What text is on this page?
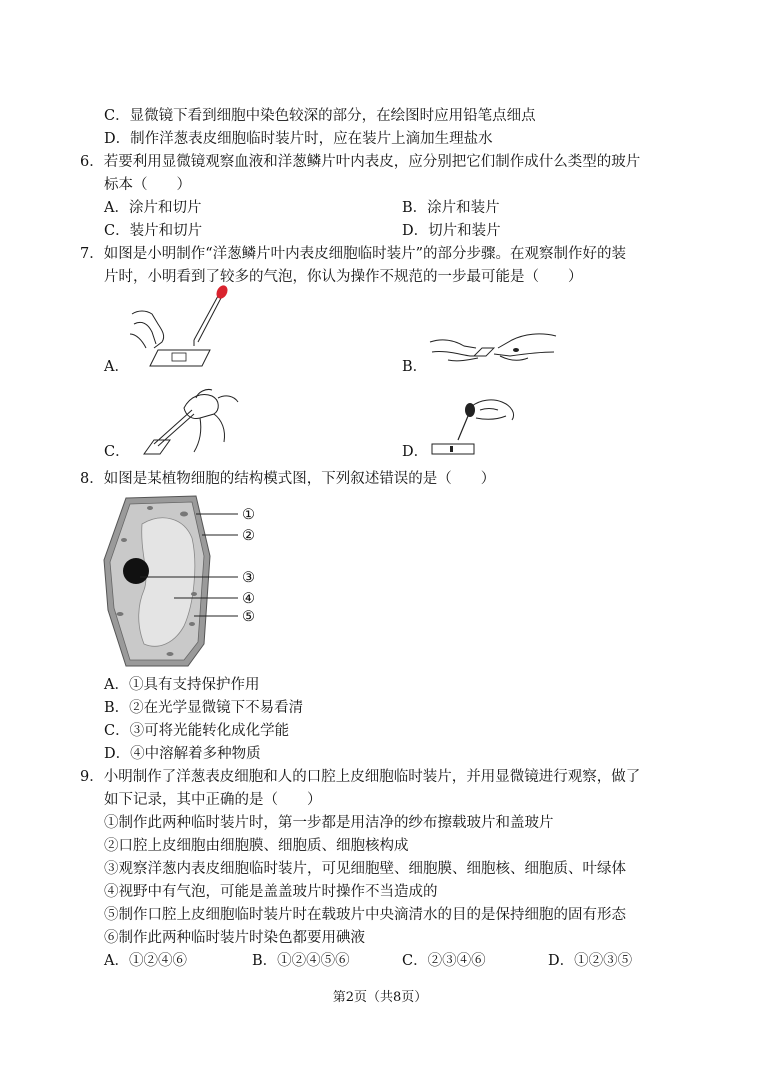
C．显微镜下看到细胞中染色较深的部分，在绘图时应用铅笔点细点
D．制作洋葱表皮细胞临时装片时，应在装片上滴加生理盐水
6．若要利用显微镜观察血液和洋葱鳞片叶内表皮，应分别把它们制作成什么类型的玻片
标本（　　）
A．涂片和切片	B．涂片和装片
C．装片和切片	D．切片和装片
7．如图是小明制作“洋葱鳞片叶内表皮细胞临时装片”的部分步骤。在观察制作好的装
片时，小明看到了较多的气泡，你认为操作不规范的一步最可能是（　　）
A．	B．
C．	D．
8．如图是某植物细胞的结构模式图，下列叙述错误的是（　　）
①
②
③
④
⑤
A．①具有支持保护作用
B．②在光学显微镜下不易看清
C．③可将光能转化成化学能
D．④中溶解着多种物质
9．小明制作了洋葱表皮细胞和人的口腔上皮细胞临时装片，并用显微镜进行观察，做了
如下记录，其中正确的是（　　）
①制作此两种临时装片时，第一步都是用洁净的纱布擦载玻片和盖玻片
②口腔上皮细胞由细胞膜、细胞质、细胞核构成
③观察洋葱内表皮细胞临时装片，可见细胞壁、细胞膜、细胞核、细胞质、叶绿体
④视野中有气泡，可能是盖盖玻片时操作不当造成的
⑤制作口腔上皮细胞临时装片时在载玻片中央滴清水的目的是保持细胞的固有形态
⑥制作此两种临时装片时染色都要用碘液
A．①②④⑥	B．①②④⑤⑥	C．②③④⑥	D．①②③⑤
第2页（共8页）
